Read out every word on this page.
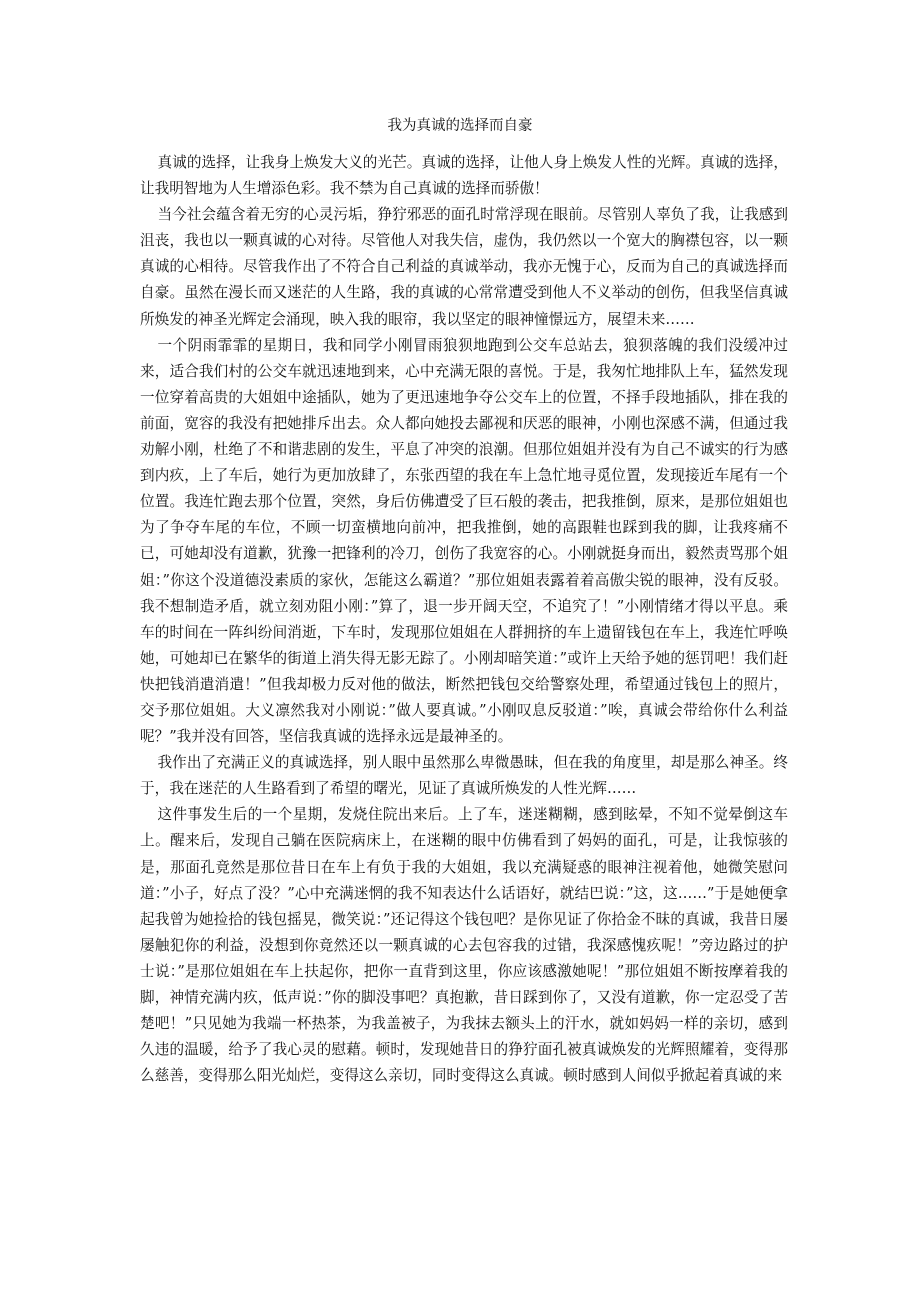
我为真诚的选择而自豪

真诚的选择，让我身上焕发大义的光芒。真诚的选择，让他人身上焕发人性的光辉。真诚的选择，让我明智地为人生增添色彩。我不禁为自己真诚的选择而骄傲！

当今社会蕴含着无穷的心灵污垢，狰狞邪恶的面孔时常浮现在眼前。尽管别人辜负了我，让我感到沮丧，我也以一颗真诚的心对待。尽管他人对我失信，虚伪，我仍然以一个宽大的胸襟包容，以一颗真诚的心相待。尽管我作出了不符合自己利益的真诚举动，我亦无愧于心，反而为自己的真诚选择而自豪。虽然在漫长而又迷茫的人生路，我的真诚的心常常遭受到他人不义举动的创伤，但我坚信真诚所焕发的神圣光辉定会涌现，映入我的眼帘，我以坚定的眼神憧憬远方，展望未来……

一个阴雨霏霏的星期日，我和同学小刚冒雨狼狈地跑到公交车总站去，狼狈落魄的我们没缓冲过来，适合我们村的公交车就迅速地到来，心中充满无限的喜悦。于是，我匆忙地排队上车，猛然发现一位穿着高贵的大姐姐中途插队，她为了更迅速地争夺公交车上的位置，不择手段地插队，排在我的前面，宽容的我没有把她排斥出去。众人都向她投去鄙视和厌恶的眼神，小刚也深感不满，但通过我劝解小刚，杜绝了不和谐悲剧的发生，平息了冲突的浪潮。但那位姐姐并没有为自己不诚实的行为感到内疚，上了车后，她行为更加放肆了，东张西望的我在车上急忙地寻觅位置，发现接近车尾有一个位置。我连忙跑去那个位置，突然，身后仿佛遭受了巨石般的袭击，把我推倒，原来，是那位姐姐也为了争夺车尾的车位，不顾一切蛮横地向前冲，把我推倒，她的高跟鞋也踩到我的脚，让我疼痛不已，可她却没有道歉，犹豫一把锋利的冷刀，创伤了我宽容的心。小刚就挺身而出，毅然责骂那个姐姐：”你这个没道德没素质的家伙，怎能这么霸道？”那位姐姐表露着着高傲尖锐的眼神，没有反驳。我不想制造矛盾，就立刻劝阻小刚：”算了，退一步开阔天空，不追究了！”小刚情绪才得以平息。乘车的时间在一阵纠纷间消逝，下车时，发现那位姐姐在人群拥挤的车上遗留钱包在车上，我连忙呼唤她，可她却已在繁华的街道上消失得无影无踪了。小刚却暗笑道：”或许上天给予她的惩罚吧！我们赶快把钱消遣消遣！”但我却极力反对他的做法，断然把钱包交给警察处理，希望通过钱包上的照片，交予那位姐姐。大义凛然我对小刚说：”做人要真诚。”小刚叹息反驳道：”唉，真诚会带给你什么利益呢？”我并没有回答，坚信我真诚的选择永远是最神圣的。

我作出了充满正义的真诚选择，别人眼中虽然那么卑微愚昧，但在我的角度里，却是那么神圣。终于，我在迷茫的人生路看到了希望的曙光，见证了真诚所焕发的人性光辉……

这件事发生后的一个星期，发烧住院出来后。上了车，迷迷糊糊，感到眩晕，不知不觉晕倒这车上。醒来后，发现自己躺在医院病床上，在迷糊的眼中仿佛看到了妈妈的面孔，可是，让我惊骇的是，那面孔竟然是那位昔日在车上有负于我的大姐姐，我以充满疑惑的眼神注视着他，她微笑慰问道：”小子，好点了没？”心中充满迷惘的我不知表达什么话语好，就结巴说：”这，这……”于是她便拿起我曾为她捡拾的钱包摇晃，微笑说：”还记得这个钱包吧？是你见证了你拾金不昧的真诚，我昔日屡屡触犯你的利益，没想到你竟然还以一颗真诚的心去包容我的过错，我深感愧疚呢！”旁边路过的护士说：”是那位姐姐在车上扶起你，把你一直背到这里，你应该感激她呢！”那位姐姐不断按摩着我的脚，神情充满内疚，低声说：”你的脚没事吧？真抱歉，昔日踩到你了，又没有道歉，你一定忍受了苦楚吧！”只见她为我端一杯热茶，为我盖被子，为我抹去额头上的汗水，就如妈妈一样的亲切，感到久违的温暖，给予了我心灵的慰藉。顿时，发现她昔日的狰狞面孔被真诚焕发的光辉照耀着，变得那么慈善，变得那么阳光灿烂，变得这么亲切，同时变得这么真诚。顿时感到人间似乎掀起着真诚的来
